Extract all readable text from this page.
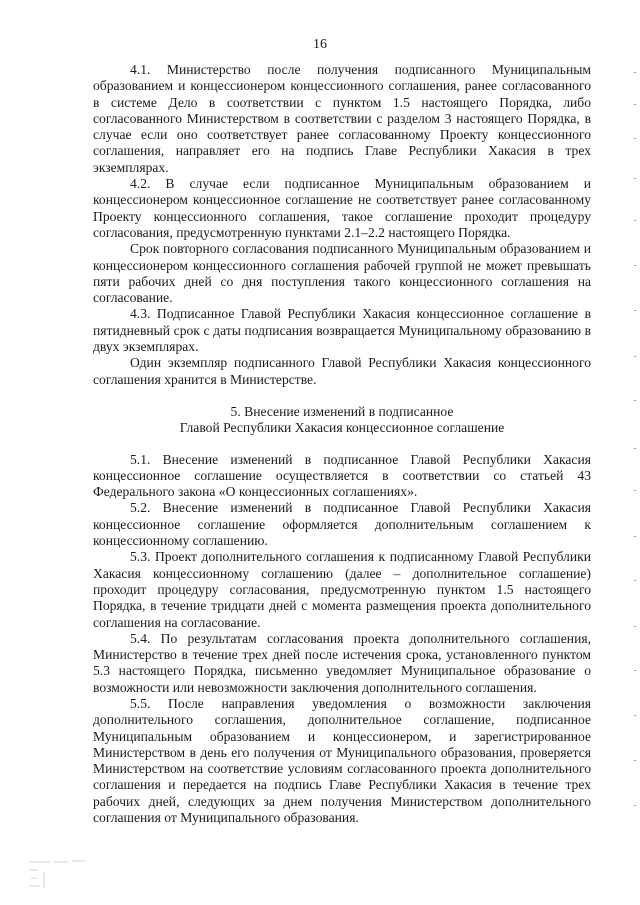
16

4.1. Министерство после получения подписанного Муниципальным образованием и концессионером концессионного соглашения, ранее согласованного в системе Дело в соответствии с пунктом 1.5 настоящего Порядка, либо согласованного Министерством в соответствии с разделом 3 настоящего Порядка, в случае если оно соответствует ранее согласованному Проекту концессионного соглашения, направляет его на подпись Главе Республики Хакасия в трех экземплярах.

4.2. В случае если подписанное Муниципальным образованием и концессионером концессионное соглашение не соответствует ранее согласованному Проекту концессионного соглашения, такое соглашение проходит процедуру согласования, предусмотренную пунктами 2.1–2.2 настоящего Порядка.

Срок повторного согласования подписанного Муниципальным образованием и концессионером концессионного соглашения рабочей группой не может превышать пяти рабочих дней со дня поступления такого концессионного соглашения на согласование.

4.3. Подписанное Главой Республики Хакасия концессионное соглашение в пятидневный срок с даты подписания возвращается Муниципальному образованию в двух экземплярах.

Один экземпляр подписанного Главой Республики Хакасия концессионного соглашения хранится в Министерстве.

5. Внесение изменений в подписанное
Главой Республики Хакасия концессионное соглашение

5.1. Внесение изменений в подписанное Главой Республики Хакасия концессионное соглашение осуществляется в соответствии со статьей 43 Федерального закона «О концессионных соглашениях».

5.2. Внесение изменений в подписанное Главой Республики Хакасия концессионное соглашение оформляется дополнительным соглашением к концессионному соглашению.

5.3. Проект дополнительного соглашения к подписанному Главой Республики Хакасия концессионному соглашению (далее – дополнительное соглашение) проходит процедуру согласования, предусмотренную пунктом 1.5 настоящего Порядка, в течение тридцати дней с момента размещения проекта дополнительного соглашения на согласование.

5.4. По результатам согласования проекта дополнительного соглашения, Министерство в течение трех дней после истечения срока, установленного пунктом 5.3 настоящего Порядка, письменно уведомляет Муниципальное образование о возможности или невозможности заключения дополнительного соглашения.

5.5. После направления уведомления о возможности заключения дополнительного соглашения, дополнительное соглашение, подписанное Муниципальным образованием и концессионером, и зарегистрированное Министерством в день его получения от Муниципального образования, проверяется Министерством на соответствие условиям согласованного проекта дополнительного соглашения и передается на подпись Главе Республики Хакасия в течение трех рабочих дней, следующих за днем получения Министерством дополнительного соглашения от Муниципального образования.
